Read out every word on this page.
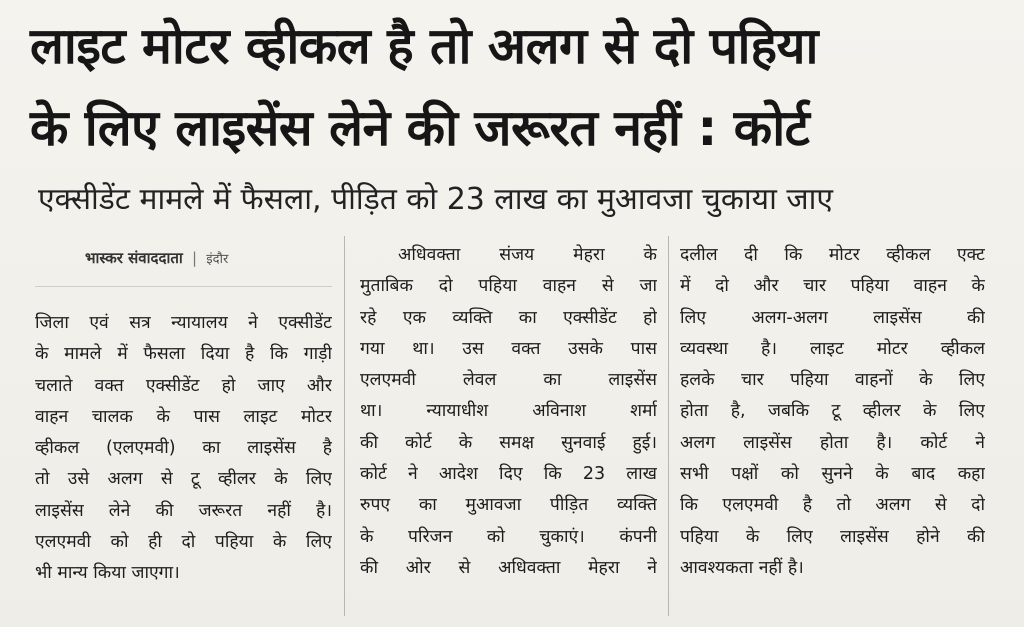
लाइट मोटर व्हीकल है तो अलग से दो पहिया
के लिए लाइसेंस लेने की जरूरत नहीं : कोर्ट
एक्सीडेंट मामले में फैसला, पीड़ित को 23 लाख का मुआवजा चुकाया जाए
भास्कर संवाददाता | इंदौर
जिला एवं सत्र न्यायालय ने एक्सीडेंट
के मामले में फैसला दिया है कि गाड़ी
चलाते वक्त एक्सीडेंट हो जाए और
वाहन चालक के पास लाइट मोटर
व्हीकल (एलएमवी) का लाइसेंस है
तो उसे अलग से टू व्हीलर के लिए
लाइसेंस लेने की जरूरत नहीं है।
एलएमवी को ही दो पहिया के लिए
भी मान्य किया जाएगा।
अधिवक्ता संजय मेहरा के
मुताबिक दो पहिया वाहन से जा
रहे एक व्यक्ति का एक्सीडेंट हो
गया था। उस वक्त उसके पास
एलएमवी लेवल का लाइसेंस
था। न्यायाधीश अविनाश शर्मा
की कोर्ट के समक्ष सुनवाई हुई।
कोर्ट ने आदेश दिए कि 23 लाख
रुपए का मुआवजा पीड़ित व्यक्ति
के परिजन को चुकाएं। कंपनी
की ओर से अधिवक्ता मेहरा ने
दलील दी कि मोटर व्हीकल एक्ट
में दो और चार पहिया वाहन के
लिए अलग-अलग लाइसेंस की
व्यवस्था है। लाइट मोटर व्हीकल
हलके चार पहिया वाहनों के लिए
होता है, जबकि टू व्हीलर के लिए
अलग लाइसेंस होता है। कोर्ट ने
सभी पक्षों को सुनने के बाद कहा
कि एलएमवी है तो अलग से दो
पहिया के लिए लाइसेंस होने की
आवश्यकता नहीं है।
